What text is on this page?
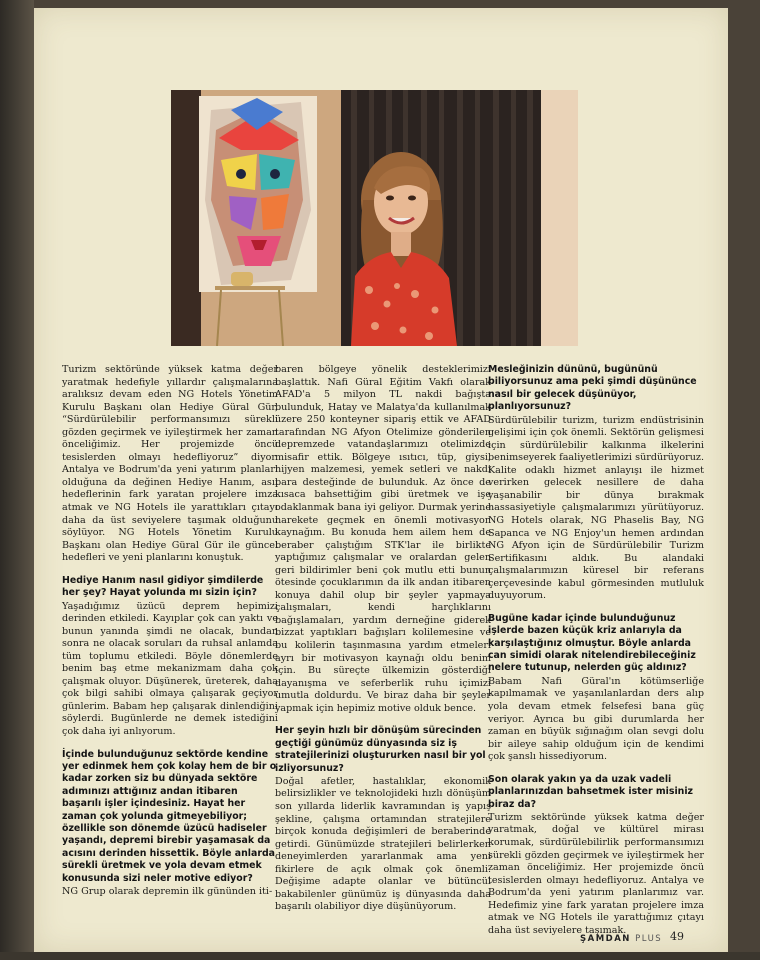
Turizm sektöründe yüksek katma değer yaratmak hedefiyle yıllardır çalışmalarına aralıksız devam eden NG Hotels Yönetim Kurulu Başkanı olan Hediye Güral Gür, “Sürdürülebilir performansımızı sürekli gözden geçirmek ve iyileştirmek her zaman önceliğimiz. Her projemizde öncü tesislerden olmayı hedefliyoruz” diyor. Antalya ve Bodrum'da yeni yatırım planları olduğuna da değinen Hediye Hanım, asıl hedeflerinin fark yaratan projelere imza atmak ve NG Hotels ile yarattıkları çıtayı daha da üst seviyelere taşımak olduğunu söylüyor. NG Hotels Yönetim Kurulu Başkanı olan Hediye Güral Gür ile güncel hedefleri ve yeni planlarını konuştuk.

Hediye Hanım nasıl gidiyor şimdilerde her şey? Hayat yolunda mı sizin için?

Yaşadığımız üzücü deprem hepimizi derinden etkiledi. Kayıplar çok can yaktı ve bunun yanında şimdi ne olacak, bundan sonra ne olacak soruları da ruhsal anlamda tüm toplumu etkiledi. Böyle dönemlerde benim baş etme mekanizmam daha çok çalışmak oluyor. Düşünerek, üreterek, daha çok bilgi sahibi olmaya çalışarak geçiyor günlerim. Babam hep çalışarak dinlendiğini söylerdi. Bugünlerde ne demek istediğini çok daha iyi anlıyorum.

İçinde bulunduğunuz sektörde kendine yer edinmek hem çok kolay hem de bir o kadar zorken siz bu dünyada sektöre adımınızı attığınız andan itibaren başarılı işler içindesiniz. Hayat her zaman çok yolunda gitmeyebiliyor; özellikle son dönemde üzücü hadiseler yaşandı, depremi birebir yaşamasak da acısını derinden hissettik. Böyle anlarda sürekli üretmek ve yola devam etmek konusunda sizi neler motive ediyor?

NG Grup olarak depremin ilk gününden iti-

baren bölgeye yönelik desteklerimizi başlattık. Nafi Güral Eğitim Vakfı olarak AFAD'a 5 milyon TL nakdi bağışta bulunduk, Hatay ve Malatya'da kullanılmak üzere 250 konteyner sipariş ettik ve AFAD tarafından NG Afyon Otelimize gönderilen depremzede vatandaşlarımızı otelimizde misafir ettik. Bölgeye ısıtıcı, tüp, giysi, hijyen malzemesi, yemek setleri ve nakdi para desteğinde de bulunduk. Az önce de kısaca bahsettiğim gibi üretmek ve işe odaklanmak bana iyi geliyor. Durmak yerine harekete geçmek en önemli motivasyon kaynağım. Bu konuda hem ailem hem de beraber çalıştığım STK'lar ile birlikte yaptığımız çalışmalar ve oralardan gelen geri bildirimler beni çok mutlu etti bunun ötesinde çocuklarımın da ilk andan itibaren konuya dahil olup bir şeyler yapmaya çalışmaları, kendi harçlıklarını bağışlamaları, yardım derneğine giderek bizzat yaptıkları bağışları kolilemesine ve bu kolilerin taşınmasına yardım etmeleri ayrı bir motivasyon kaynağı oldu benim için. Bu süreçte ülkemizin gösterdiği dayanışma ve seferberlik ruhu içimizi umutla doldurdu. Ve biraz daha bir şeyler yapmak için hepimiz motive olduk bence.

Her şeyin hızlı bir dönüşüm sürecinden geçtiği günümüz dünyasında siz iş stratejilerinizi oluştururken nasıl bir yol izliyorsunuz?

Doğal afetler, hastalıklar, ekonomik belirsizlikler ve teknolojideki hızlı dönüşüm son yıllarda liderlik kavramından iş yapış şekline, çalışma ortamından stratejilere birçok konuda değişimleri de beraberinde getirdi. Günümüzde stratejileri belirlerken deneyimlerden yararlanmak ama yeni fikirlere de açık olmak çok önemli. Değişime adapte olanlar ve bütüncül bakabilenler günümüz iş dünyasında daha başarılı olabiliyor diye düşünüyorum.

Mesleğinizin dününü, bugününü biliyorsunuz ama peki şimdi düşününce nasıl bir gelecek düşünüyor, planlıyorsunuz?

Sürdürülebilir turizm, turizm endüstrisinin gelişimi için çok önemli. Sektörün gelişmesi için sürdürülebilir kalkınma ilkelerini benimseyerek faaliyetlerimizi sürdürüyoruz. Kalite odaklı hizmet anlayışı ile hizmet verirken gelecek nesillere de daha yaşanabilir bir dünya bırakmak hassasiyetiyle çalışmalarımızı yürütüyoruz. NG Hotels olarak, NG Phaselis Bay, NG Sapanca ve NG Enjoy'un hemen ardından NG Afyon için de Sürdürülebilir Turizm Sertifikasını aldık. Bu alandaki çalışmalarımızın küresel bir referans çerçevesinde kabul görmesinden mutluluk duyuyorum.

Bugüne kadar içinde bulunduğunuz işlerde bazen küçük kriz anlarıyla da karşılaştığınız olmuştur. Böyle anlarda can simidi olarak nitelendirebileceğiniz nelere tutunup, nelerden güç aldınız?

Babam Nafi Güral'ın kötümserliğe kapılmamak ve yaşanılanlardan ders alıp yola devam etmek felsefesi bana güç veriyor. Ayrıca bu gibi durumlarda her zaman en büyük sığınağım olan sevgi dolu bir aileye sahip olduğum için de kendimi çok şanslı hissediyorum.

Son olarak yakın ya da uzak vadeli planlarınızdan bahsetmek ister misiniz biraz da?

Turizm sektöründe yüksek katma değer yaratmak, doğal ve kültürel mirası korumak, sürdürülebilirlik performansımızı sürekli gözden geçirmek ve iyileştirmek her zaman önceliğimiz. Her projemizde öncü tesislerden olmayı hedefliyoruz. Antalya ve Bodrum'da yeni yatırım planlarımız var. Hedefimiz yine fark yaratan projelere imza atmak ve NG Hotels ile yarattığımız çıtayı daha üst seviyelere taşımak.

ŞAMDAN PLUS 49
